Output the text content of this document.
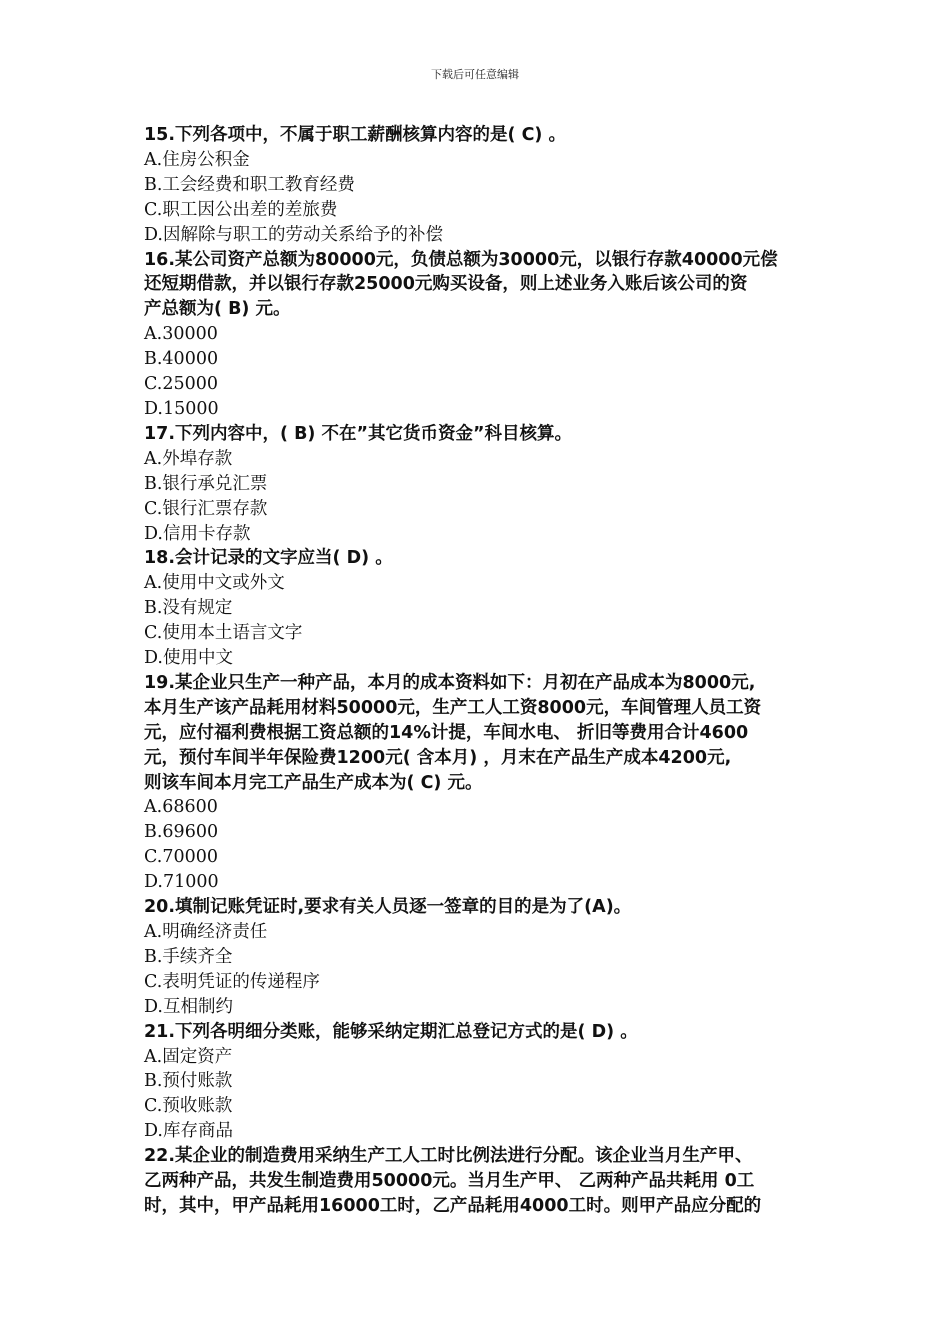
下载后可任意编辑
15.下列各项中，不属于职工薪酬核算内容的是( C) 。
A.住房公积金
B.工会经费和职工教育经费
C.职工因公出差的差旅费
D.因解除与职工的劳动关系给予的补偿
16.某公司资产总额为80000元，负债总额为30000元，以银行存款40000元偿
还短期借款，并以银行存款25000元购买设备，则上述业务入账后该公司的资
产总额为( B) 元。
A.30000
B.40000
C.25000
D.15000
17.下列内容中，( B) 不在”其它货币资金”科目核算。
A.外埠存款
B.银行承兑汇票
C.银行汇票存款
D.信用卡存款
18.会计记录的文字应当( D) 。
A.使用中文或外文
B.没有规定
C.使用本土语言文字
D.使用中文
19.某企业只生产一种产品，本月的成本资料如下：月初在产品成本为8000元,
本月生产该产品耗用材料50000元，生产工人工资8000元，车间管理人员工资
元，应付福利费根据工资总额的14%计提，车间水电、 折旧等费用合计4600
元，预付车间半年保险费1200元( 含本月) ，月末在产品生产成本4200元,
则该车间本月完工产品生产成本为( C) 元。
A.68600
B.69600
C.70000
D.71000
20.填制记账凭证时,要求有关人员逐一签章的目的是为了(A)。
A.明确经济责任
B.手续齐全
C.表明凭证的传递程序
D.互相制约
21.下列各明细分类账，能够采纳定期汇总登记方式的是( D) 。
A.固定资产
B.预付账款
C.预收账款
D.库存商品
22.某企业的制造费用采纳生产工人工时比例法进行分配。该企业当月生产甲、
乙两种产品，共发生制造费用50000元。当月生产甲、 乙两种产品共耗用 0工
时，其中，甲产品耗用16000工时，乙产品耗用4000工时。则甲产品应分配的
